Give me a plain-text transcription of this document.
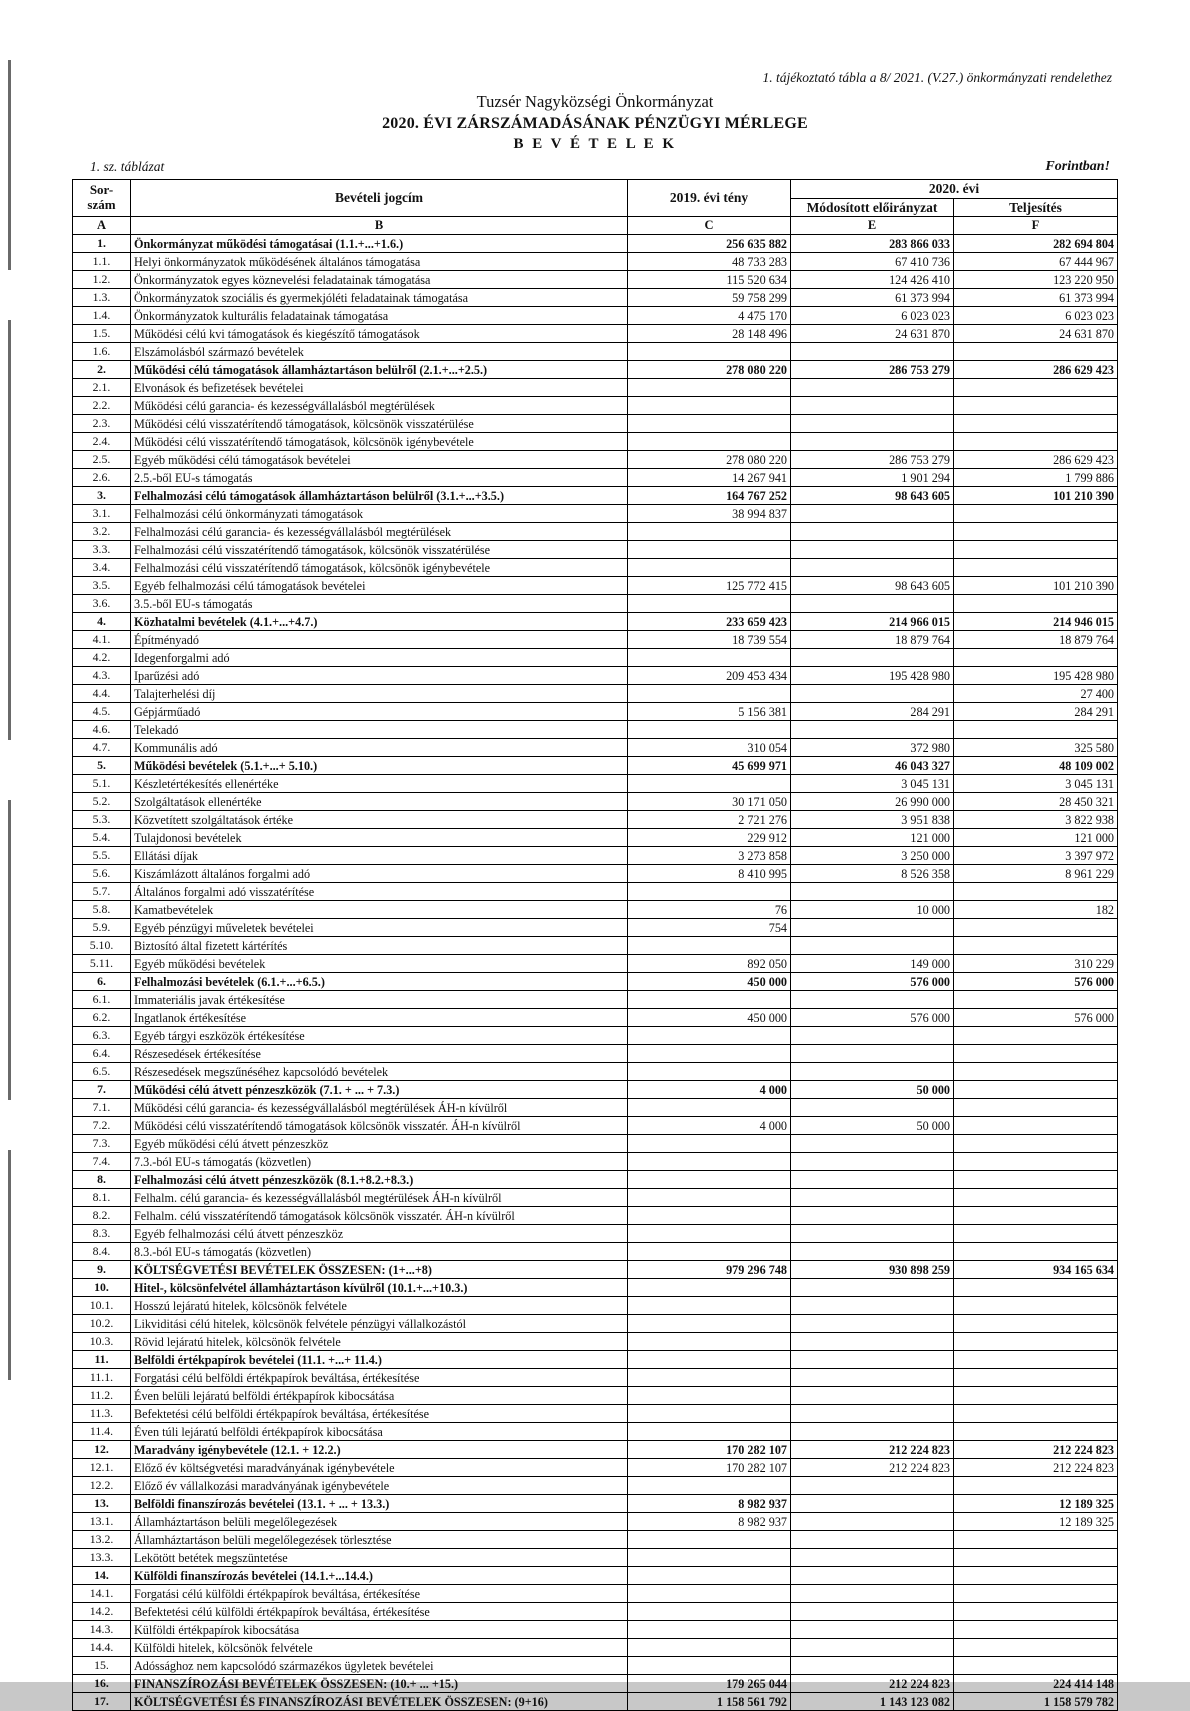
1. tájékoztató tábla a 8/ 2021. (V.27.) önkormányzati rendelethez
Tuzsér Nagyközségi Önkormányzat
2020. ÉVI ZÁRSZÁMADÁSÁNAK PÉNZÜGYI MÉRLEGE
B E V É T E L E K
1. sz. táblázat	Forintban!
Sor-
szám	Bevételi jogcím	2019. évi tény	2020. évi	
			Módosított előirányzat	Teljesítés
A	B	C	E	F
1.	Önkormányzat működési támogatásai (1.1.+...+1.6.)	256 635 882	283 866 033	282 694 804
1.1.	Helyi önkormányzatok működésének általános támogatása	48 733 283	67 410 736	67 444 967
1.2.	Önkormányzatok egyes köznevelési feladatainak támogatása	115 520 634	124 426 410	123 220 950
1.3.	Önkormányzatok szociális és gyermekjóléti feladatainak támogatása	59 758 299	61 373 994	61 373 994
1.4.	Önkormányzatok kulturális feladatainak támogatása	4 475 170	6 023 023	6 023 023
1.5.	Működési célú kvi támogatások és kiegészítő támogatások	28 148 496	24 631 870	24 631 870
1.6.	Elszámolásból származó bevételek			
2.	Működési célú támogatások államháztartáson belülről (2.1.+...+2.5.)	278 080 220	286 753 279	286 629 423
2.1.	Elvonások és befizetések bevételei			
2.2.	Működési célú garancia- és kezességvállalásból megtérülések			
2.3.	Működési célú visszatérítendő támogatások, kölcsönök visszatérülése			
2.4.	Működési célú visszatérítendő támogatások, kölcsönök igénybevétele			
2.5.	Egyéb működési célú támogatások bevételei	278 080 220	286 753 279	286 629 423
2.6.	2.5.-ből EU-s támogatás	14 267 941	1 901 294	1 799 886
3.	Felhalmozási célú támogatások államháztartáson belülről (3.1.+...+3.5.)	164 767 252	98 643 605	101 210 390
3.1.	Felhalmozási célú önkormányzati támogatások	38 994 837		
3.2.	Felhalmozási célú garancia- és kezességvállalásból megtérülések			
3.3.	Felhalmozási célú visszatérítendő támogatások, kölcsönök visszatérülése			
3.4.	Felhalmozási célú visszatérítendő támogatások, kölcsönök igénybevétele			
3.5.	Egyéb felhalmozási célú támogatások bevételei	125 772 415	98 643 605	101 210 390
3.6.	3.5.-ből EU-s támogatás			
4.	Közhatalmi bevételek (4.1.+...+4.7.)	233 659 423	214 966 015	214 946 015
4.1.	Építményadó	18 739 554	18 879 764	18 879 764
4.2.	Idegenforgalmi adó			
4.3.	Iparűzési adó	209 453 434	195 428 980	195 428 980
4.4.	Talajterhelési díj			27 400
4.5.	Gépjárműadó	5 156 381	284 291	284 291
4.6.	Telekadó			
4.7.	Kommunális adó	310 054	372 980	325 580
5.	Működési bevételek (5.1.+...+ 5.10.)	45 699 971	46 043 327	48 109 002
5.1.	Készletértékesítés ellenértéke		3 045 131	3 045 131
5.2.	Szolgáltatások ellenértéke	30 171 050	26 990 000	28 450 321
5.3.	Közvetített szolgáltatások értéke	2 721 276	3 951 838	3 822 938
5.4.	Tulajdonosi bevételek	229 912	121 000	121 000
5.5.	Ellátási díjak	3 273 858	3 250 000	3 397 972
5.6.	Kiszámlázott általános forgalmi adó	8 410 995	8 526 358	8 961 229
5.7.	Általános forgalmi adó visszatérítése			
5.8.	Kamatbevételek	76	10 000	182
5.9.	Egyéb pénzügyi műveletek bevételei	754		
5.10.	Biztosító által fizetett kártérítés			
5.11.	Egyéb működési bevételek	892 050	149 000	310 229
6.	Felhalmozási bevételek (6.1.+...+6.5.)	450 000	576 000	576 000
6.1.	Immateriális javak értékesítése			
6.2.	Ingatlanok értékesítése	450 000	576 000	576 000
6.3.	Egyéb tárgyi eszközök értékesítése			
6.4.	Részesedések értékesítése			
6.5.	Részesedések megszűnéséhez kapcsolódó bevételek			
7.	Működési célú átvett pénzeszközök (7.1. + ... + 7.3.)	4 000	50 000	
7.1.	Működési célú garancia- és kezességvállalásból megtérülések ÁH-n kívülről			
7.2.	Működési célú visszatérítendő támogatások kölcsönök visszatér. ÁH-n kívülről	4 000	50 000	
7.3.	Egyéb működési célú átvett pénzeszköz			
7.4.	7.3.-ból EU-s támogatás (közvetlen)			
8.	Felhalmozási célú átvett pénzeszközök (8.1.+8.2.+8.3.)			
8.1.	Felhalm. célú garancia- és kezességvállalásból megtérülések ÁH-n kívülről			
8.2.	Felhalm. célú visszatérítendő támogatások kölcsönök visszatér. ÁH-n kívülről			
8.3.	Egyéb felhalmozási célú átvett pénzeszköz			
8.4.	8.3.-ból EU-s támogatás (közvetlen)			
9.	KÖLTSÉGVETÉSI BEVÉTELEK ÖSSZESEN: (1+...+8)	979 296 748	930 898 259	934 165 634
10.	Hitel-, kölcsönfelvétel államháztartáson kívülről (10.1.+...+10.3.)			
10.1.	Hosszú lejáratú hitelek, kölcsönök felvétele			
10.2.	Likviditási célú hitelek, kölcsönök felvétele pénzügyi vállalkozástól			
10.3.	Rövid lejáratú hitelek, kölcsönök felvétele			
11.	Belföldi értékpapírok bevételei (11.1. +...+ 11.4.)			
11.1.	Forgatási célú belföldi értékpapírok beváltása, értékesítése			
11.2.	Éven belüli lejáratú belföldi értékpapírok kibocsátása			
11.3.	Befektetési célú belföldi értékpapírok beváltása, értékesítése			
11.4.	Éven túli lejáratú belföldi értékpapírok kibocsátása			
12.	Maradvány igénybevétele (12.1. + 12.2.)	170 282 107	212 224 823	212 224 823
12.1.	Előző év költségvetési maradványának igénybevétele	170 282 107	212 224 823	212 224 823
12.2.	Előző év vállalkozási maradványának igénybevétele			
13.	Belföldi finanszírozás bevételei (13.1. + ... + 13.3.)	8 982 937		12 189 325
13.1.	Államháztartáson belüli megelőlegezések	8 982 937		12 189 325
13.2.	Államháztartáson belüli megelőlegezések törlesztése			
13.3.	Lekötött betétek megszüntetése			
14.	Külföldi finanszírozás bevételei (14.1.+...14.4.)			
14.1.	Forgatási célú külföldi értékpapírok beváltása, értékesítése			
14.2.	Befektetési célú külföldi értékpapírok beváltása, értékesítése			
14.3.	Külföldi értékpapírok kibocsátása			
14.4.	Külföldi hitelek, kölcsönök felvétele			
15.	Adóssághoz nem kapcsolódó származékos ügyletek bevételei			
16.	FINANSZÍROZÁSI BEVÉTELEK ÖSSZESEN: (10.+ ... +15.)	179 265 044	212 224 823	224 414 148
17.	KÖLTSÉGVETÉSI ÉS FINANSZÍROZÁSI BEVÉTELEK ÖSSZESEN: (9+16)	1 158 561 792	1 143 123 082	1 158 579 782
